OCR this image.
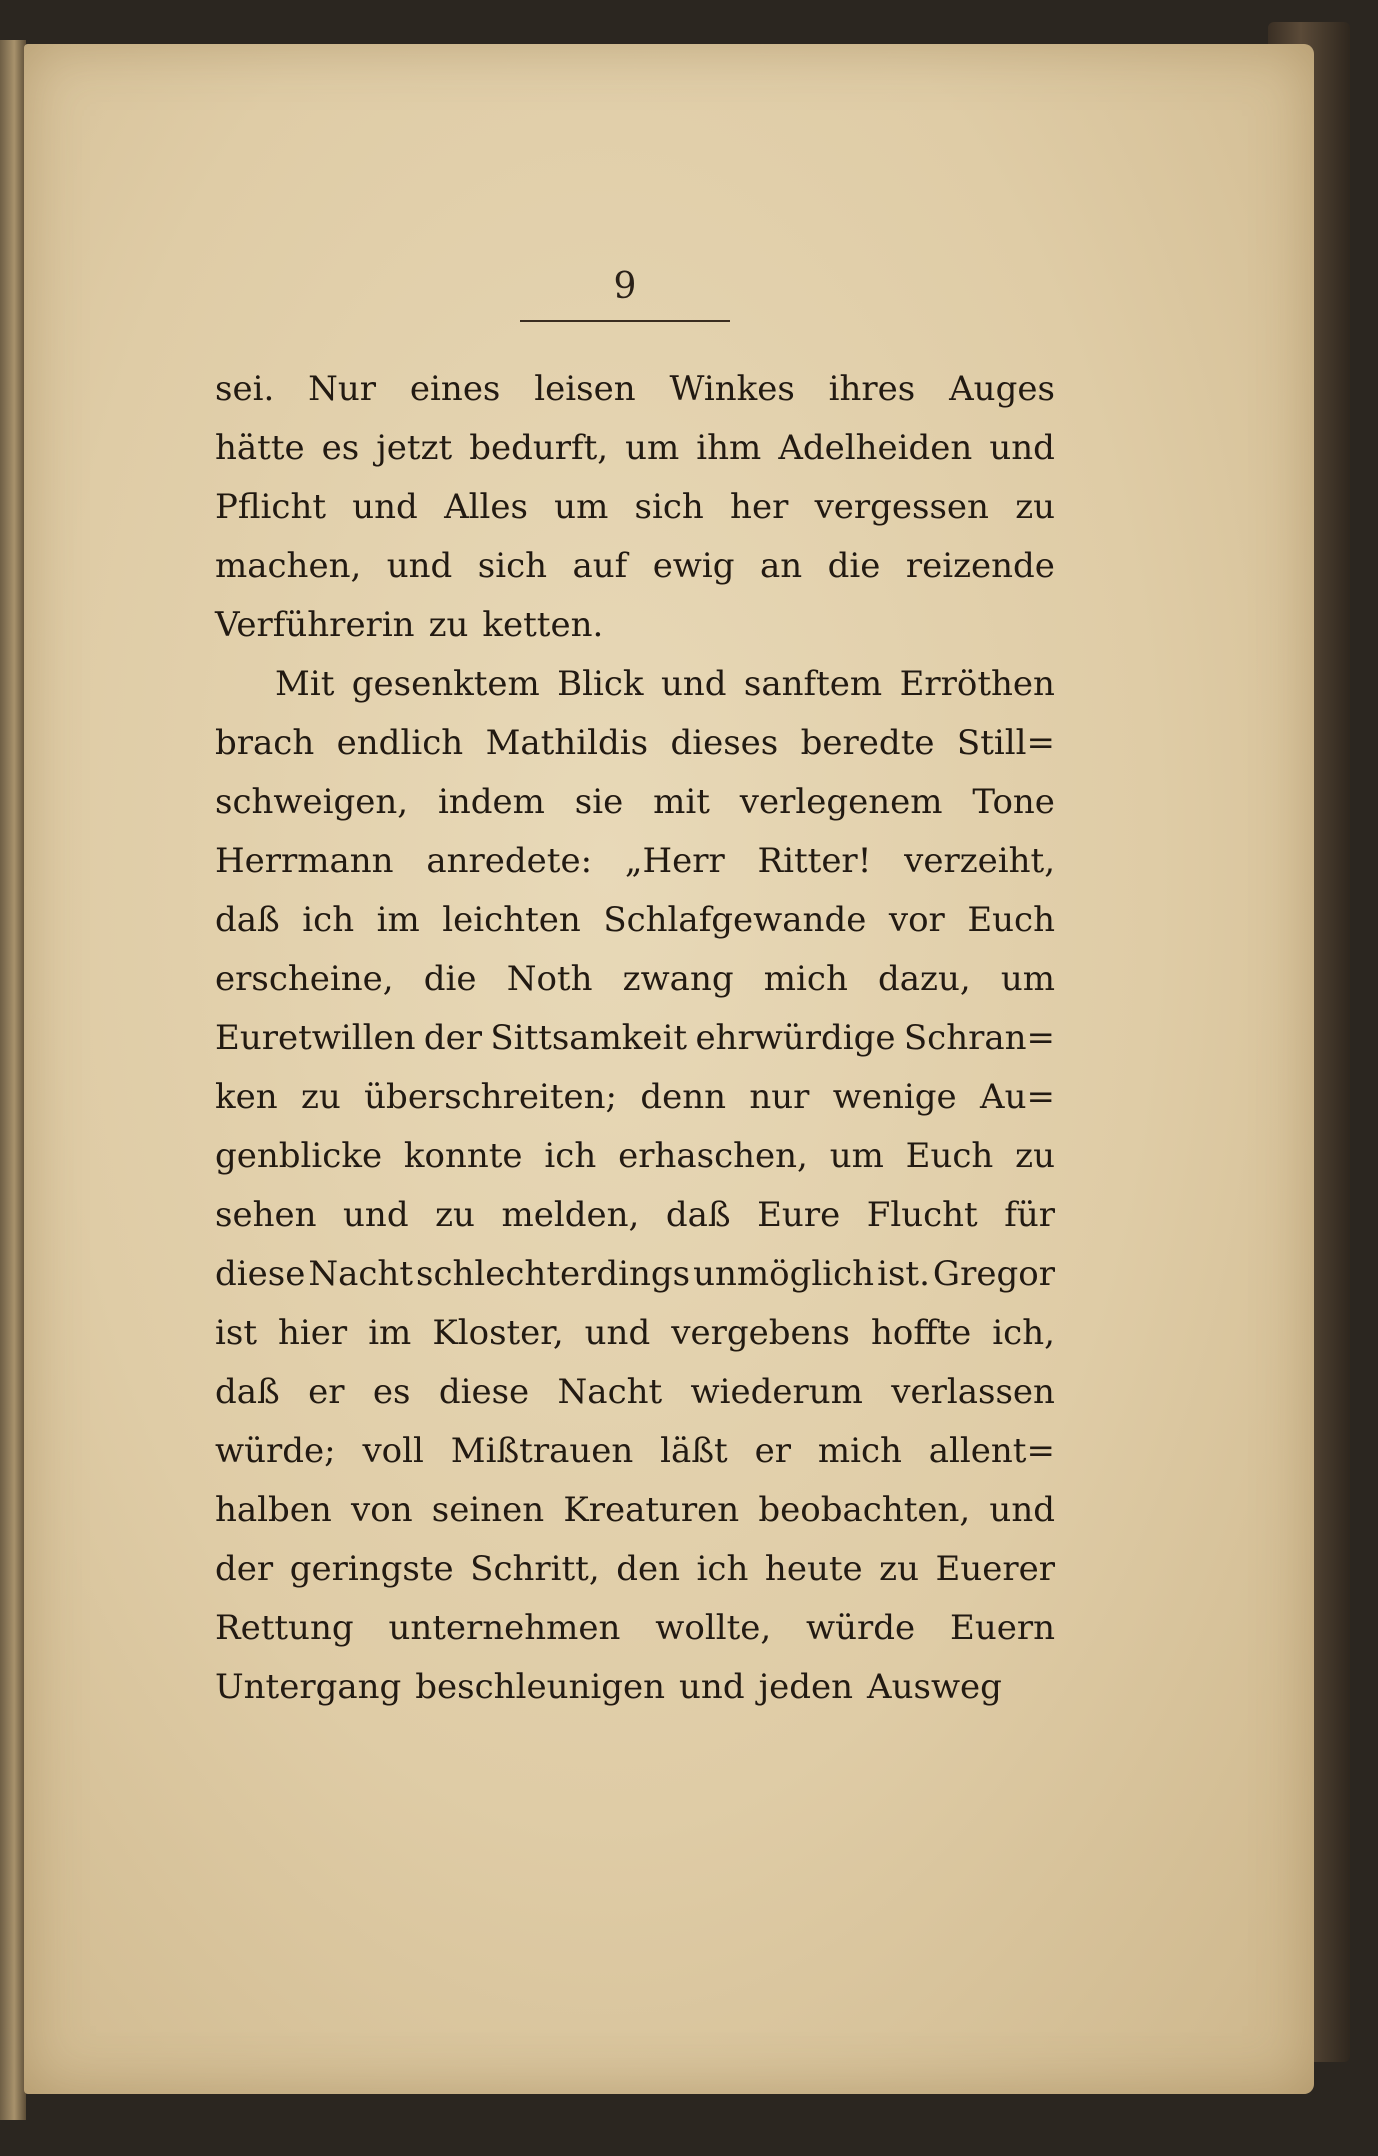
9
sei. Nur eines leisen Winkes ihres Auges
hätte es jetzt bedurft, um ihm Adelheiden und
Pflicht und Alles um sich her vergessen zu
machen, und sich auf ewig an die reizende
Verführerin zu ketten.
Mit gesenktem Blick und sanftem Erröthen
brach endlich Mathildis dieses beredte Still=
schweigen, indem sie mit verlegenem Tone
Herrmann anredete: „Herr Ritter! verzeiht,
daß ich im leichten Schlafgewande vor Euch
erscheine, die Noth zwang mich dazu, um
Euretwillen der Sittsamkeit ehrwürdige Schran=
ken zu überschreiten; denn nur wenige Au=
genblicke konnte ich erhaschen, um Euch zu
sehen und zu melden, daß Eure Flucht für
diese Nacht schlechterdings unmöglich ist. Gregor
ist hier im Kloster, und vergebens hoffte ich,
daß er es diese Nacht wiederum verlassen
würde; voll Mißtrauen läßt er mich allent=
halben von seinen Kreaturen beobachten, und
der geringste Schritt, den ich heute zu Euerer
Rettung unternehmen wollte, würde Euern
Untergang beschleunigen und jeden Ausweg
